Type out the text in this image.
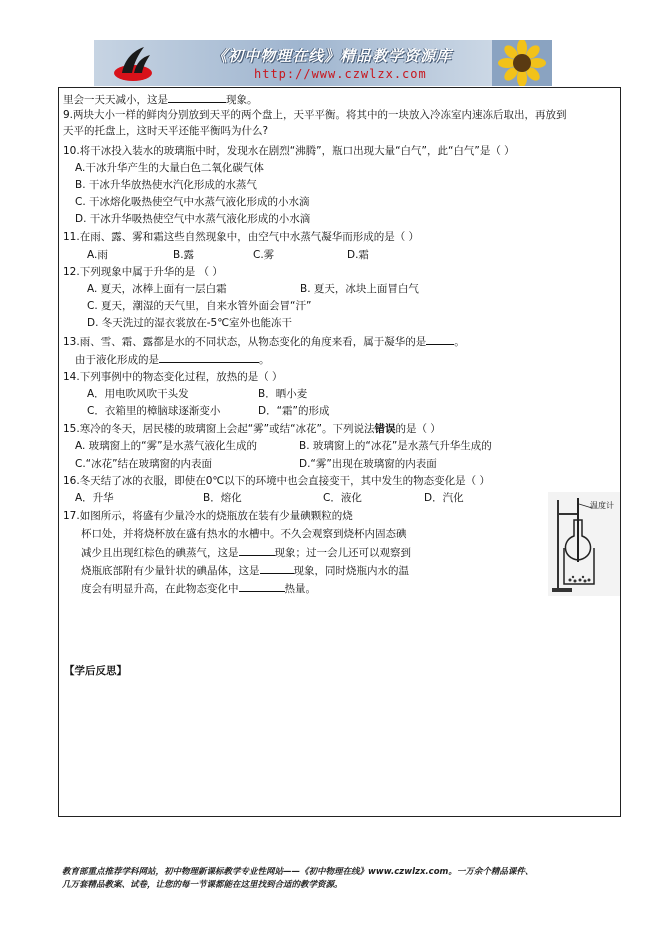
《初中物理在线》精品教学资源库
http://www.czwlzx.com
里会一天天减小，这是	现象。
9.两块大小一样的鲜肉分别放到天平的两个盘上，天平平衡。将其中的一块放入冷冻室内速冻后取出，再放到
天平的托盘上，这时天平还能平衡吗为什么?
10.将干冰投入装水的玻璃瓶中时，发现水在剧烈“沸腾”，瓶口出现大量“白气”，此“白气”是（ ）
A.干冰升华产生的大量白色二氧化碳气体
B. 干冰升华放热使水汽化形成的水蒸气
C. 干冰熔化吸热使空气中水蒸气液化形成的小水滴
D. 干冰升华吸热使空气中水蒸气液化形成的小水滴
11.在雨、露、雾和霜这些自然现象中，由空气中水蒸气凝华而形成的是（ ）
A.雨	B.露	C.雾	D.霜
12.下列现象中属于升华的是 （ ）
A. 夏天，冰棒上面有一层白霜	B. 夏天，冰块上面冒白气
C. 夏天，潮湿的天气里，自来水管外面会冒“汗”
D. 冬天洗过的湿衣裳放在-5℃室外也能冻干
13.雨、雪、霜、露都是水的不同状态，从物态变化的角度来看，属于凝华的是	。
由于液化形成的是	。
14.下列事例中的物态变化过程，放热的是（ ）
A．用电吹风吹干头发	B．晒小麦
C．衣箱里的樟脑球逐渐变小	D．“霜”的形成
15.寒冷的冬天，居民楼的玻璃窗上会起“雾”或结“冰花”。下列说法错误的是（ ）
A. 玻璃窗上的“雾”是水蒸气液化生成的	B. 玻璃窗上的“冰花”是水蒸气升华生成的
C.“冰花”结在玻璃窗的内表面	D.“雾”出现在玻璃窗的内表面
16.冬天结了冰的衣服，即使在0℃以下的环境中也会直接变干，其中发生的物态变化是（ ）
A．升华	B．熔化	C．液化	D．汽化
17.如图所示，将盛有少量冷水的烧瓶放在装有少量碘颗粒的烧
杯口处，并将烧杯放在盛有热水的水槽中。不久会观察到烧杯内固态碘
减少且出现红棕色的碘蒸气，这是	现象；过一会儿还可以观察到
烧瓶底部附有少量针状的碘晶体，这是	现象，同时烧瓶内水的温
度会有明显升高，在此物态变化中	热量。
温度计
【学后反思】
教育部重点推荐学科网站，初中物理新课标教学专业性网站——《初中物理在线》www.czwlzx.com。一万余个精品课件、
几万套精品教案、试卷，让您的每一节课都能在这里找到合适的教学资源。
